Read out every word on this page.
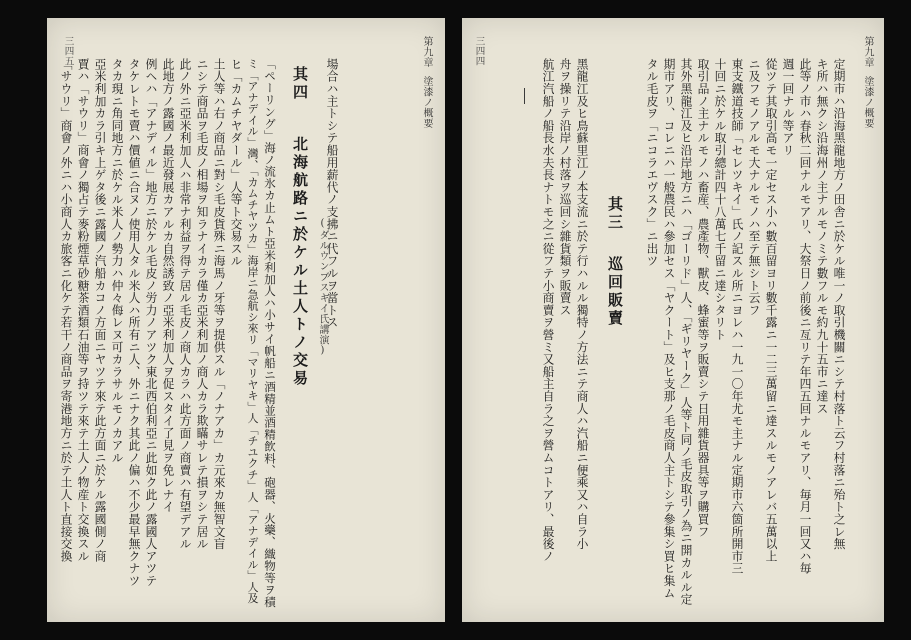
第九章
塗漆ノ概要
三四五
場合ハ主トシテ船用薪代ノ支拂ニ代フルヲ當トス
其四
北海航路ニ於ケル土人トノ交易 (ダルウンブスキイ氏講演)
「ペーリング」海ノ流氷カ止ムト亞米利加人ハ小サイ帆船ニ酒精並酒精飲料、砲器、火藥、織物等ヲ積
ミ「アナデイル」灣、「カムチヤツカ」海岸ニ急航シ來リ「マリヤキ」人「チユクチ」人「アナデイル」人及
ヒ「カムチヤダール」人等ト交易スル
土人等ハ右ノ商品ニ對シ毛皮貨殊ニ海馬ノ牙等ヲ提供スル「ノナアカ」カ元來カ無智文盲
ニシテ商品ヲ毛皮ノ相場ヲ知ラナイカラ僅カ亞米利加ノ商人カラ欺瞞サレテ損ヲシテ居ル
此ノ外ニ亞米利加人ハ非常ナ利益ヲ得テ居ル毛皮ノ商人カラハ此方面ノ商賣ハ有望デアル
此地方ノ露國ノ最近發展カアルカ自然誘致ノ亞米利加人ヲ促スタイ了見ヲ免レナイ
例ヘハ「アナディル」地方ニ於ケル毛皮ノ労力ノアツク東北西伯利亞ニ此如ク此ノ露國人アツテ
タケレトモ賣ハ價値ニ合ヌノ使用人タル米人ハ所有ニ人、外ニナク其此ノ偏ハ不少最早無クナツ
タカ現ニ角同地方ニ於ケル米人ノ勢力ハ仲々侮レヌ可カラサルモノカアル
亞米利加カラ引キ上ゲタ後ニ露國ノ汽船カコノ方面ニヤツテ來テ此方面ニ於ケル露國側ノ商
賈ハ「サウリ」商會ノ獨占テ麥粉煙草砂糖茶酒類石油等ヲ持ツテ來テ土人ノ物産ト交換スル
「サウリ」商會ノ外ニハ小商人カ旅客ニ化ケテ若干ノ商品ヲ寄港地方ニ於テ土人ト直接交換
第九章
塗漆ノ概要
三四四
定期市ハ沿海黑龍地方ノ田舎ニ於ケル唯一ノ取引機關ニシテ村落ト云フ村落ニ殆ト之レ無
キ所ハ無クシ沿海州ノ主ナルモノミテ數フルモ約九十五市ニ達ス
此等ノ市ハ春秋二回ナルモアリ、大祭日ノ前後ニ亙リテ年四五回ナルモアリ、毎月一回又ハ毎
週一回ナル等アリ
從ツテ其取引高モ一定セス小ハ數百留ヨリ數千露ニ一二三萬留ニ達スルモノアレバ五萬以上
ニ及フモノアルモ大ナルモノハ至テ無シト云フ
東支鐵道技師「セレツキイ」氏ノ記スル所ニヨレハ一九一〇年尤モ主ナル定期市六箇所開市三
十回ニ於ケル取引總計四十八萬七千留ニ達シタリト
取引品ノ主ナルモノハ畜産、農產物、獸皮、蜂蜜等ヲ販賣シテ日用雜貨器具等ヲ購買フ
其外黑龍江及ヒ沿岸地方ニハ「ゴーリド」人、「ギリヤーク」人等ト同ノ毛皮取引ノ為ニ開カルル定
期市アリ、コレニハ一般農民ハ參加セス「ヤクート」及ヒ支那ノ毛皮商人主トシテ參集シ買ヒ集ム
タル毛皮ヲ「ニコラエヴスク」ニ出ツ
其三
巡回販賣
黑龍江及ヒ鳥蘇里江ノ本支流ニ於テ行ハルル獨特ノ方法ニテ商人ハ汽船ニ便乘又ハ自ラ小
舟ヲ操リテ沿岸ノ村落ヲ巡回シ雜貨類ヲ販賣ス
航江汽船ノ船長水夫長ナトモ之ニ從フテ小商賣ヲ營ミ又船主自ラ之ヲ營ムコトアリ、最後ノ
